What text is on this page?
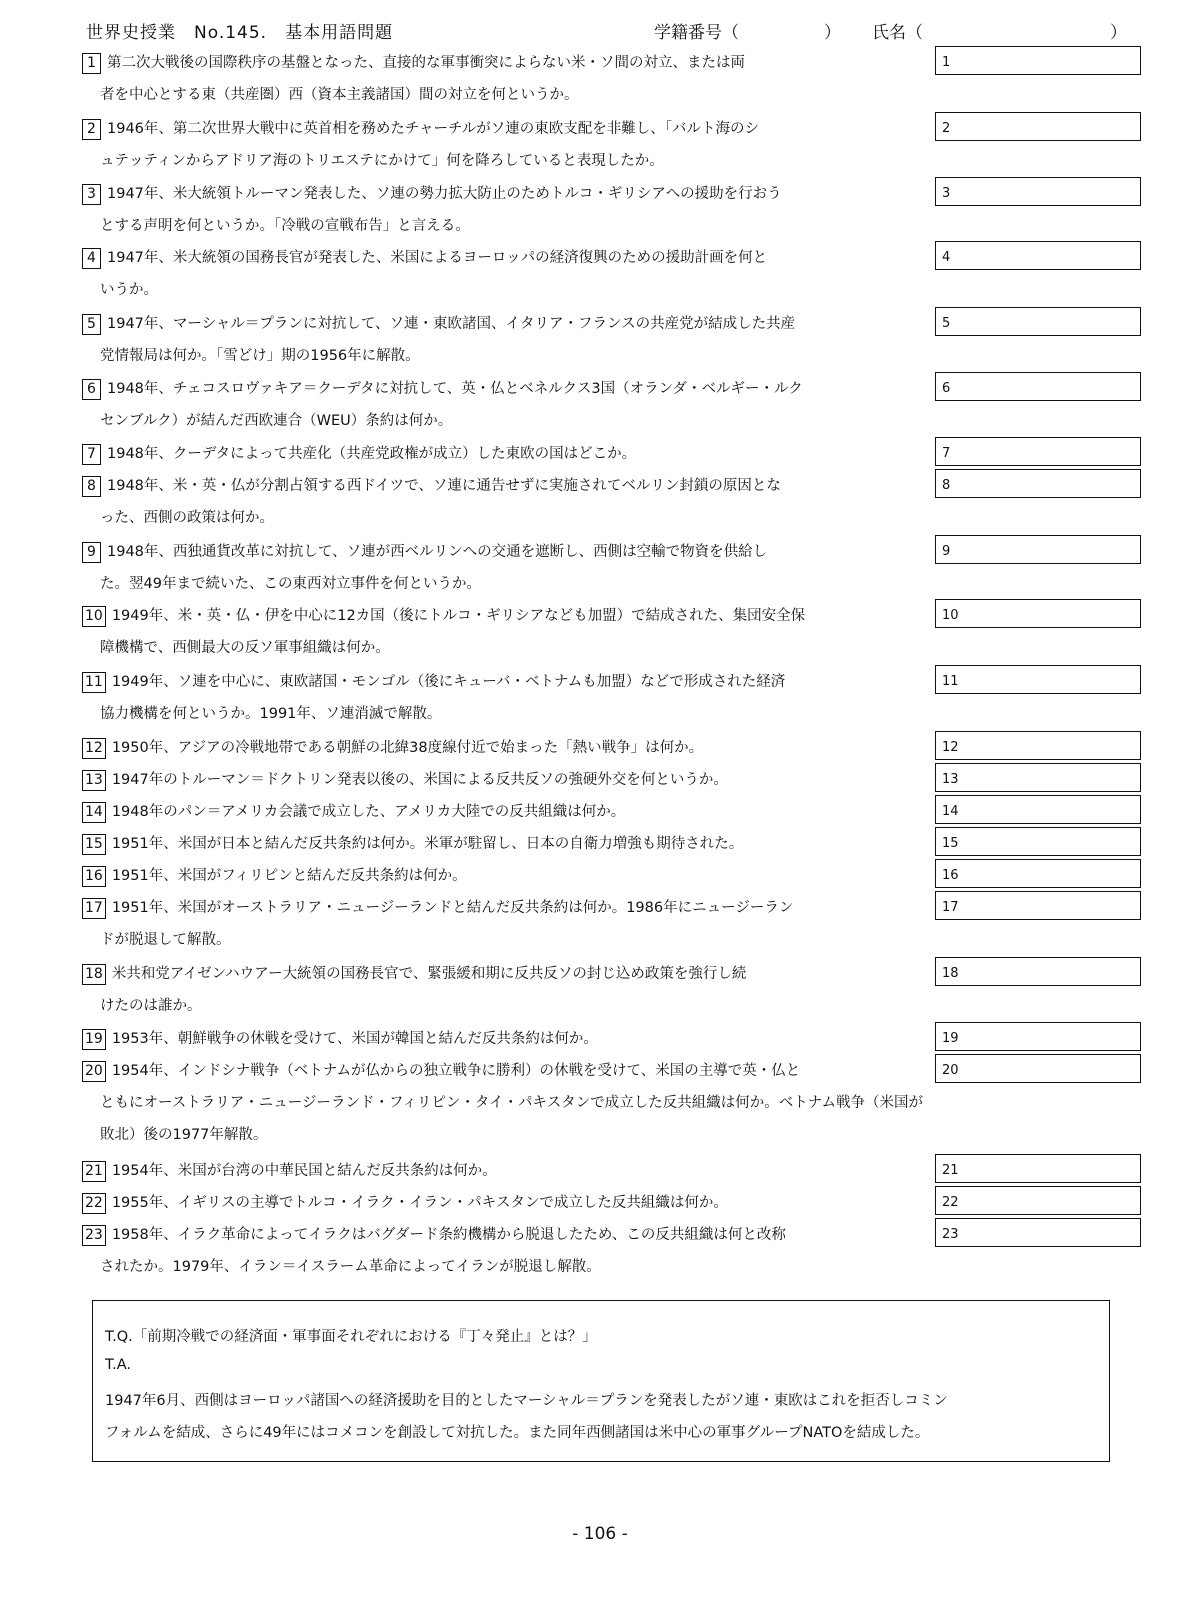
世界史授業　No.145.　基本用語問題	学籍番号（　　　　　） 氏名（　　　　　　　　　　　）
1 第二次大戦後の国際秩序の基盤となった、直接的な軍事衝突によらない米・ソ間の対立、または両
者を中心とする東（共産圏）西（資本主義諸国）間の対立を何というか。
1
2 1946年、第二次世界大戦中に英首相を務めたチャーチルがソ連の東欧支配を非難し、「バルト海のシ
ュテッティンからアドリア海のトリエステにかけて」何を降ろしていると表現したか。
2
3 1947年、米大統領トルーマン発表した、ソ連の勢力拡大防止のためトルコ・ギリシアへの援助を行おう
とする声明を何というか。「冷戦の宣戦布告」と言える。
3
4 1947年、米大統領の国務長官が発表した、米国によるヨーロッパの経済復興のための援助計画を何と
いうか。
4
5 1947年、マーシャル＝プランに対抗して、ソ連・東欧諸国、イタリア・フランスの共産党が結成した共産
党情報局は何か。「雪どけ」期の1956年に解散。
5
6 1948年、チェコスロヴァキア＝クーデタに対抗して、英・仏とベネルクス3国（オランダ・ベルギー・ルク
センブルク）が結んだ西欧連合（WEU）条約は何か。
6
7 1948年、クーデタによって共産化（共産党政権が成立）した東欧の国はどこか。	7
8 1948年、米・英・仏が分割占領する西ドイツで、ソ連に通告せずに実施されてベルリン封鎖の原因とな
った、西側の政策は何か。
8
9 1948年、西独通貨改革に対抗して、ソ連が西ベルリンへの交通を遮断し、西側は空輸で物資を供給し
た。翌49年まで続いた、この東西対立事件を何というか。
9
10 1949年、米・英・仏・伊を中心に12カ国（後にトルコ・ギリシアなども加盟）で結成された、集団安全保
障機構で、西側最大の反ソ軍事組織は何か。
10
11 1949年、ソ連を中心に、東欧諸国・モンゴル（後にキューバ・ベトナムも加盟）などで形成された経済
協力機構を何というか。1991年、ソ連消滅で解散。
11
12 1950年、アジアの冷戦地帯である朝鮮の北緯38度線付近で始まった「熱い戦争」は何か。	12
13 1947年のトルーマン＝ドクトリン発表以後の、米国による反共反ソの強硬外交を何というか。	13
14 1948年のパン＝アメリカ会議で成立した、アメリカ大陸での反共組織は何か。	14
15 1951年、米国が日本と結んだ反共条約は何か。米軍が駐留し、日本の自衛力増強も期待された。	15
16 1951年、米国がフィリピンと結んだ反共条約は何か。	16
17 1951年、米国がオーストラリア・ニュージーランドと結んだ反共条約は何か。1986年にニュージーラン
ドが脱退して解散。
17
18 米共和党アイゼンハウアー大統領の国務長官で、緊張緩和期に反共反ソの封じ込め政策を強行し続
けたのは誰か。
18
19 1953年、朝鮮戦争の休戦を受けて、米国が韓国と結んだ反共条約は何か。	19
20 1954年、インドシナ戦争（ベトナムが仏からの独立戦争に勝利）の休戦を受けて、米国の主導で英・仏と
ともにオーストラリア・ニュージーランド・フィリピン・タイ・パキスタンで成立した反共組織は何か。ベトナム戦争（米国が
敗北）後の1977年解散。
20
21 1954年、米国が台湾の中華民国と結んだ反共条約は何か。	21
22 1955年、イギリスの主導でトルコ・イラク・イラン・パキスタンで成立した反共組織は何か。	22
23 1958年、イラク革命によってイラクはバグダード条約機構から脱退したため、この反共組織は何と改称
されたか。1979年、イラン＝イスラーム革命によってイランが脱退し解散。
23
T.Q.「前期冷戦での経済面・軍事面それぞれにおける『丁々発止』とは？」
T.A.
1947年6月、西側はヨーロッパ諸国への経済援助を目的としたマーシャル＝プランを発表したがソ連・東欧はこれを拒否しコミン
フォルムを結成、さらに49年にはコメコンを創設して対抗した。また同年西側諸国は米中心の軍事グループNATOを結成した。
- 106 -
